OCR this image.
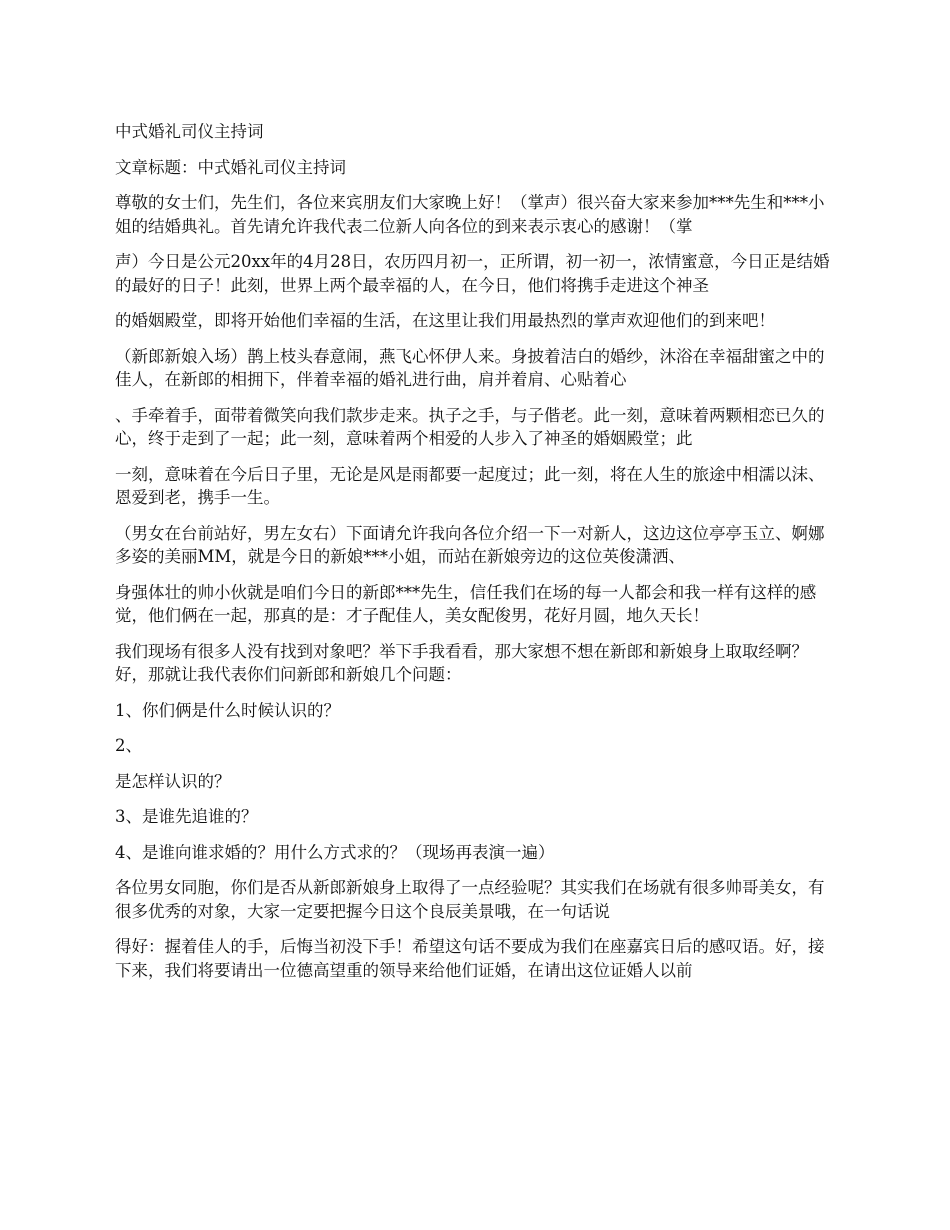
中式婚礼司仪主持词

文章标题：中式婚礼司仪主持词

尊敬的女士们，先生们，各位来宾朋友们大家晚上好！（掌声）很兴奋大家来参加***先生和***小姐的结婚典礼。首先请允许我代表二位新人向各位的到来表示衷心的感谢！（掌

声）今日是公元20xx年的4月28日，农历四月初一，正所谓，初一初一，浓情蜜意，今日正是结婚的最好的日子！此刻，世界上两个最幸福的人，在今日，他们将携手走进这个神圣

的婚姻殿堂，即将开始他们幸福的生活，在这里让我们用最热烈的掌声欢迎他们的到来吧！

（新郎新娘入场）鹊上枝头春意闹，燕飞心怀伊人来。身披着洁白的婚纱，沐浴在幸福甜蜜之中的佳人，在新郎的相拥下，伴着幸福的婚礼进行曲，肩并着肩、心贴着心

、手牵着手，面带着微笑向我们款步走来。执子之手，与子偕老。此一刻，意味着两颗相恋已久的心，终于走到了一起；此一刻，意味着两个相爱的人步入了神圣的婚姻殿堂；此

一刻，意味着在今后日子里，无论是风是雨都要一起度过；此一刻，将在人生的旅途中相濡以沫、恩爱到老，携手一生。

（男女在台前站好，男左女右）下面请允许我向各位介绍一下一对新人，这边这位亭亭玉立、婀娜多姿的美丽MM，就是今日的新娘***小姐，而站在新娘旁边的这位英俊潇洒、

身强体壮的帅小伙就是咱们今日的新郎***先生，信任我们在场的每一人都会和我一样有这样的感觉，他们俩在一起，那真的是：才子配佳人，美女配俊男，花好月圆，地久天长！

我们现场有很多人没有找到对象吧？举下手我看看，那大家想不想在新郎和新娘身上取取经啊？好，那就让我代表你们问新郎和新娘几个问题：

1、你们俩是什么时候认识的？

2、

是怎样认识的？

3、是谁先追谁的？

4、是谁向谁求婚的？用什么方式求的？（现场再表演一遍）

各位男女同胞，你们是否从新郎新娘身上取得了一点经验呢？其实我们在场就有很多帅哥美女，有很多优秀的对象，大家一定要把握今日这个良辰美景哦，在一句话说

得好：握着佳人的手，后悔当初没下手！希望这句话不要成为我们在座嘉宾日后的感叹语。好，接下来，我们将要请出一位德高望重的领导来给他们证婚，在请出这位证婚人以前
